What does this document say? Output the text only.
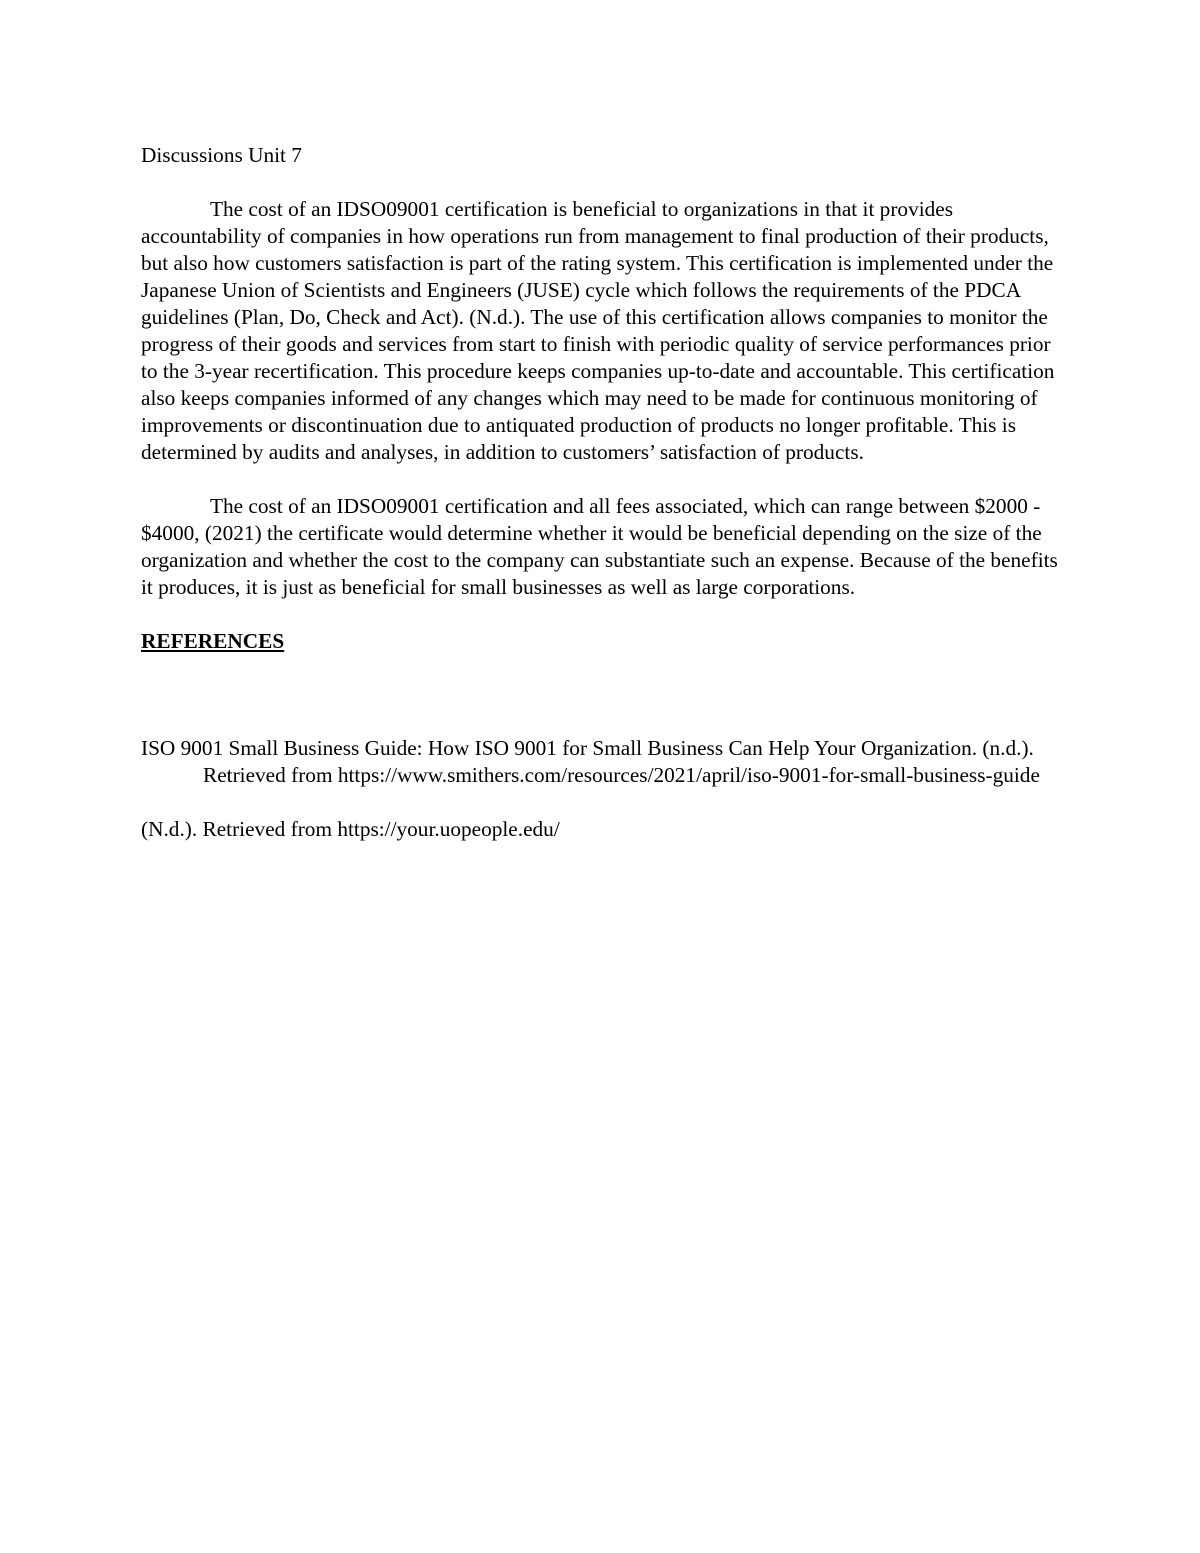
Discussions Unit 7

The cost of an IDSO09001 certification is beneficial to organizations in that it provides accountability of companies in how operations run from management to final production of their products, but also how customers satisfaction is part of the rating system. This certification is implemented under the Japanese Union of Scientists and Engineers (JUSE) cycle which follows the requirements of the PDCA guidelines (Plan, Do, Check and Act). (N.d.). The use of this certification allows companies to monitor the progress of their goods and services from start to finish with periodic quality of service performances prior to the 3-year recertification. This procedure keeps companies up-to-date and accountable. This certification also keeps companies informed of any changes which may need to be made for continuous monitoring of improvements or discontinuation due to antiquated production of products no longer profitable. This is determined by audits and analyses, in addition to customers’ satisfaction of products.

The cost of an IDSO09001 certification and all fees associated, which can range between $2000 - $4000, (2021) the certificate would determine whether it would be beneficial depending on the size of the organization and whether the cost to the company can substantiate such an expense. Because of the benefits it produces, it is just as beneficial for small businesses as well as large corporations.

REFERENCES

ISO 9001 Small Business Guide: How ISO 9001 for Small Business Can Help Your Organization. (n.d.). Retrieved from https://www.smithers.com/resources/2021/april/iso-9001-for-small-business-guide

(N.d.). Retrieved from https://your.uopeople.edu/
